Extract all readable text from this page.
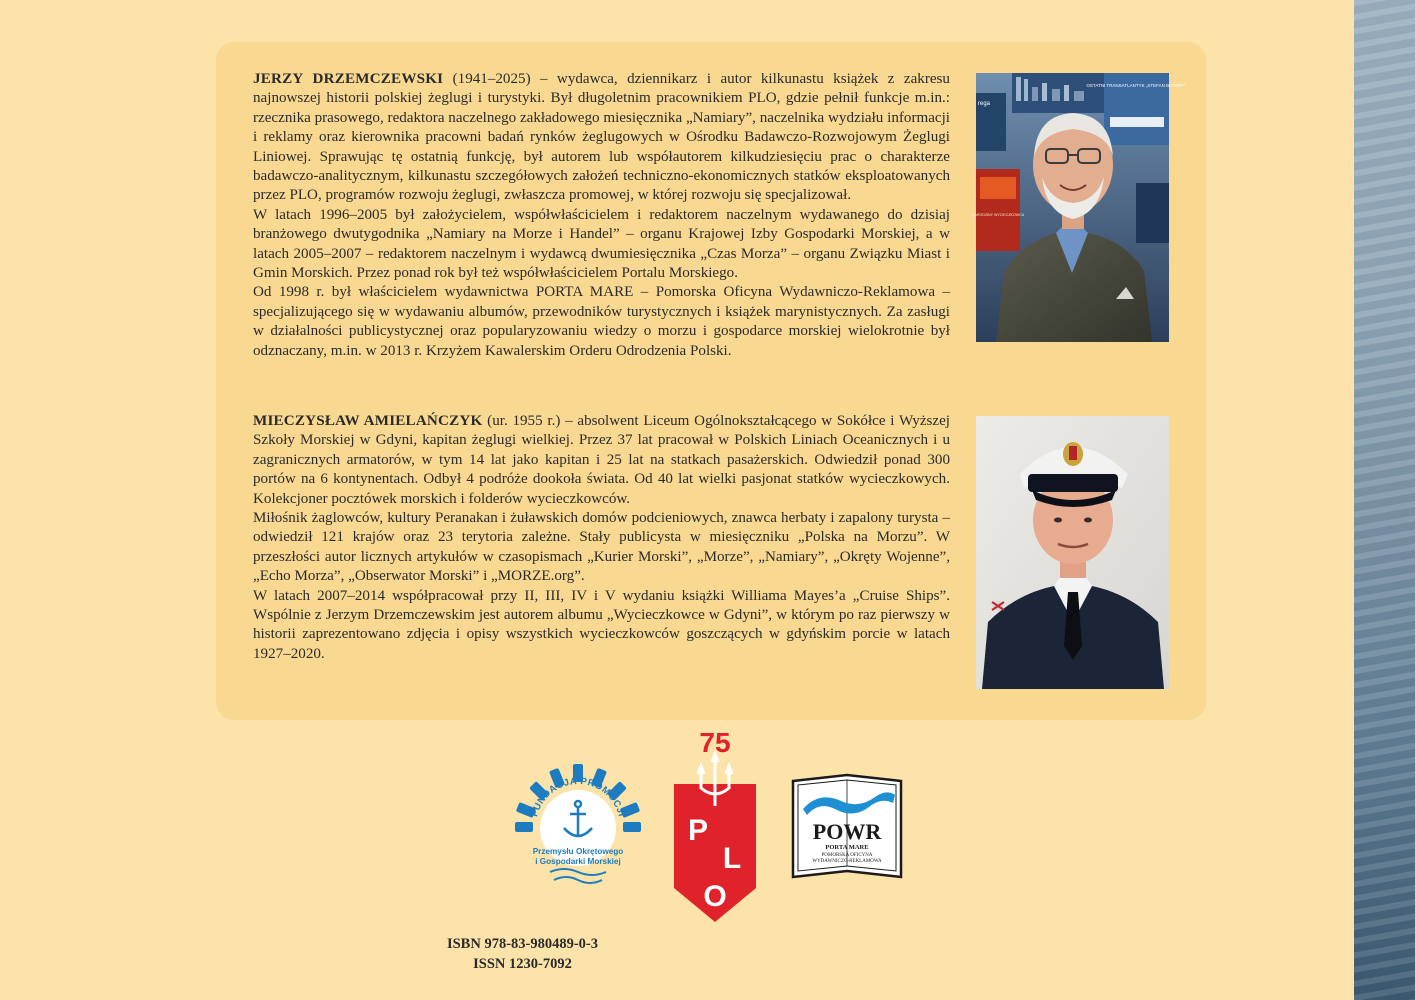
JERZY DRZEMCZEWSKI (1941–2025) – wydawca, dziennikarz i autor kilkunastu książek z zakresu najnowszej historii polskiej żeglugi i turystyki. Był długoletnim pracownikiem PLO, gdzie pełnił funkcje m.in.: rzecznika prasowego, redaktora naczelnego zakładowego miesięcznika „Namiary”, naczelnika wydziału informacji i reklamy oraz kierownika pracowni badań rynków żeglugowych w Ośrodku Badawczo-Rozwojowym Żeglugi Liniowej. Sprawując tę ostatnią funkcję, był autorem lub współautorem kilkudziesięciu prac o charakterze badawczo-analitycznym, kilkunastu szczegółowych założeń techniczno-ekonomicznych statków eksploatowanych przez PLO, programów rozwoju żeglugi, zwłaszcza promowej, w której rozwoju się specjalizował.

W latach 1996–2005 był założycielem, współwłaścicielem i redaktorem naczelnym wydawanego do dzisiaj branżowego dwutygodnika „Namiary na Morze i Handel” – organu Krajowej Izby Gospodarki Morskiej, a w latach 2005–2007 – redaktorem naczelnym i wydawcą dwumiesięcznika „Czas Morza” – organu Związku Miast i Gmin Morskich. Przez ponad rok był też współwłaścicielem Portalu Morskiego.

Od 1998 r. był właścicielem wydawnictwa PORTA MARE – Pomorska Oficyna Wydawniczo-Reklamowa – specjalizującego się w wydawaniu albumów, przewodników turystycznych i książek marynistycznych. Za zasługi w działalności publicystycznej oraz popularyzowaniu wiedzy o morzu i gospodarce morskiej wielokrotnie był odznaczany, m.in. w 2013 r. Krzyżem Kawalerskim Orderu Odrodzenia Polski.

MIECZYSŁAW AMIELAŃCZYK (ur. 1955 r.) – absolwent Liceum Ogólnokształcącego w Sokółce i Wyższej Szkoły Morskiej w Gdyni, kapitan żeglugi wielkiej. Przez 37 lat pracował w Polskich Liniach Oceanicznych i u zagranicznych armatorów, w tym 14 lat jako kapitan i 25 lat na statkach pasażerskich. Odwiedził ponad 300 portów na 6 kontynentach. Odbył 4 podróże dookoła świata. Od 40 lat wielki pasjonat statków wycieczkowych. Kolekcjoner pocztówek morskich i folderów wycieczkowców.

Miłośnik żaglowców, kultury Peranakan i żuławskich domów podcieniowych, znawca herbaty i zapalony turysta – odwiedził 121 krajów oraz 23 terytoria zależne. Stały publicysta w miesięczniku „Polska na Morzu”. W przeszłości autor licznych artykułów w czasopismach „Kurier Morski”, „Morze”, „Namiary”, „Okręty Wojenne”, „Echo Morza”, „Obserwator Morski” i „MORZE.org”.

W latach 2007–2014 współpracował przy II, III, IV i V wydaniu książki Williama Mayes’a „Cruise Ships”. Wspólnie z Jerzym Drzemczewskim jest autorem albumu „Wycieczkowce w Gdyni”, w którym po raz pierwszy w historii zaprezentowano zdjęcia i opisy wszystkich wycieczkowców goszczących w gdyńskim porcie w latach 1927–2020.

OSTATNI TRANSATLANTYK „STEFAN BATORY”
NARODZINY WYCIECZKOWCA
rega
FUNDACJA PROMOCJI
Przemysłu Okrętowego
i Gospodarki Morskiej
75
P
L
O
POWR
PORTA MARE
POMORSKA OFICYNA
WYDAWNICZO-REKLAMOWA
ISBN 978-83-980489-0-3
ISSN 1230-7092
